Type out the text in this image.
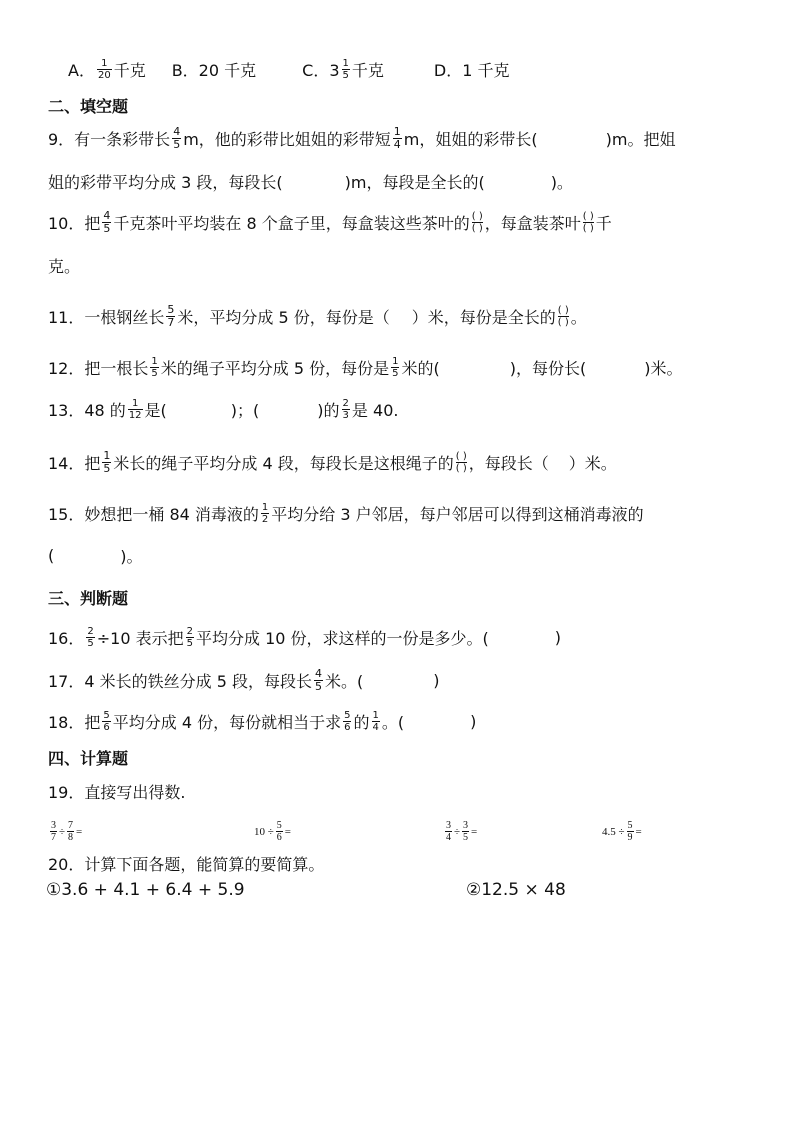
A． $\frac{1}{20}$ 千克 B．20 千克	C．$3 \frac{1}{5}$ 千克	D．1 千克
二、填空题
9．有一条彩带长 $\frac{4}{5}$ m，他的彩带比姐姐的彩带短 $\frac{1}{4}$ m，姐姐的彩带长(	)m。把姐
姐的彩带平均分成 3 段，每段长(	)m，每段是全长的(	)。
10．把 $\frac{4}{5}$ 千克茶叶平均装在 8 个盒子里，每盒装这些茶叶的 ( )
( ) ，每盒装茶叶 ( )
( ) 千
克。
11．一根钢丝长 $\frac{5}{7}$ 米，平均分成 5 份，每份是（ ）米，每份是全长的 ( )
( ) 。
12．把一根长 $\frac{1}{5}$ 米的绳子平均分成 5 份，每份是 $\frac{1}{5}$ 米的(	)，每份长(	)米。
13．48 的 $\frac{1}{12}$ 是(	)；(	)的 $\frac{2}{3}$ 是 40.
14．把 $\frac{1}{5}$ 米长的绳子平均分成 4 段，每段长是这根绳子的 ( )
( ) ，每段长（ ）米。
15．妙想把一桶 84 消毒液的 $\frac{1}{2}$ 平均分给 3 户邻居，每户邻居可以得到这桶消毒液的
(	)。
三、判断题
16． $\frac{2}{5} \div 10$ 表示把 $\frac{2}{5}$ 平均分成 10 份，求这样的一份是多少。(	)
17．4 米长的铁丝分成 5 段，每段长 $\frac{4}{5}$ 米。(	)
18．把 $\frac{5}{6}$ 平均分成 4 份，每份就相当于求 $\frac{5}{6}$ 的 $\frac{1}{4}$ 。(	)
四、计算题
19．直接写出得数.
$\frac{3}{7} \div \frac{7}{8}$ =	$10 \div \frac{5}{6}$ =	$\frac{3}{4} \div \frac{3}{5}$ =	$4.5 \div \frac{5}{9}$ =
20．计算下面各题，能简算的要简算。
①3.6 + 4.1 + 6.4 + 5.9	②12.5 × 48
